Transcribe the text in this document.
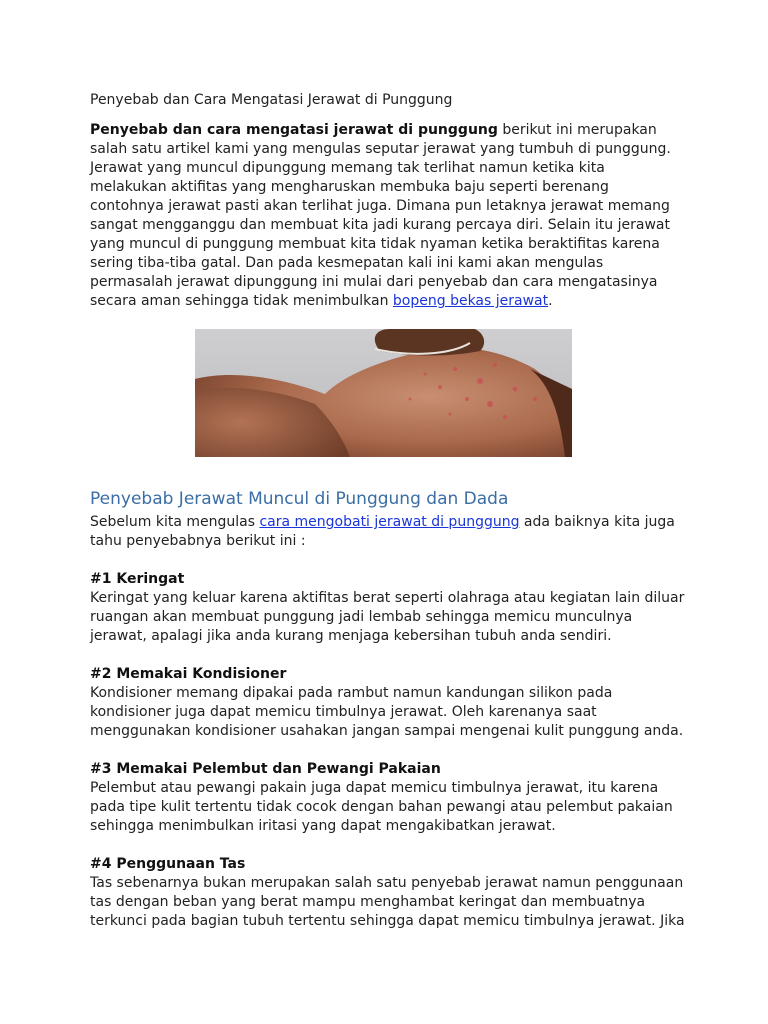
Penyebab dan Cara Mengatasi Jerawat di Punggung

Penyebab dan cara mengatasi jerawat di punggung berikut ini merupakan salah satu artikel kami yang mengulas seputar jerawat yang tumbuh di punggung. Jerawat yang muncul dipunggung memang tak terlihat namun ketika kita melakukan aktifitas yang mengharuskan membuka baju seperti berenang contohnya jerawat pasti akan terlihat juga. Dimana pun letaknya jerawat memang sangat mengganggu dan membuat kita jadi kurang percaya diri. Selain itu jerawat yang muncul di punggung membuat kita tidak nyaman ketika beraktifitas karena sering tiba-tiba gatal. Dan pada kesmepatan kali ini kami akan mengulas permasalah jerawat dipunggung ini mulai dari penyebab dan cara mengatasinya secara aman sehingga tidak menimbulkan bopeng bekas jerawat.

Penyebab Jerawat Muncul di Punggung dan Dada

Sebelum kita mengulas cara mengobati jerawat di punggung ada baiknya kita juga tahu penyebabnya berikut ini :

#1 Keringat

Keringat yang keluar karena aktifitas berat seperti olahraga atau kegiatan lain diluar ruangan akan membuat punggung jadi lembab sehingga memicu munculnya jerawat, apalagi jika anda kurang menjaga kebersihan tubuh anda sendiri.

#2 Memakai Kondisioner

Kondisioner memang dipakai pada rambut namun kandungan silikon pada kondisioner juga dapat memicu timbulnya jerawat. Oleh karenanya saat menggunakan kondisioner usahakan jangan sampai mengenai kulit punggung anda.

#3 Memakai Pelembut dan Pewangi Pakaian

Pelembut atau pewangi pakain juga dapat memicu timbulnya jerawat, itu karena pada tipe kulit tertentu tidak cocok dengan bahan pewangi atau pelembut pakaian sehingga menimbulkan iritasi yang dapat mengakibatkan jerawat.

#4 Penggunaan Tas

Tas sebenarnya bukan merupakan salah satu penyebab jerawat namun penggunaan tas dengan beban yang berat mampu menghambat keringat dan membuatnya terkunci pada bagian tubuh tertentu sehingga dapat memicu timbulnya jerawat. Jika
